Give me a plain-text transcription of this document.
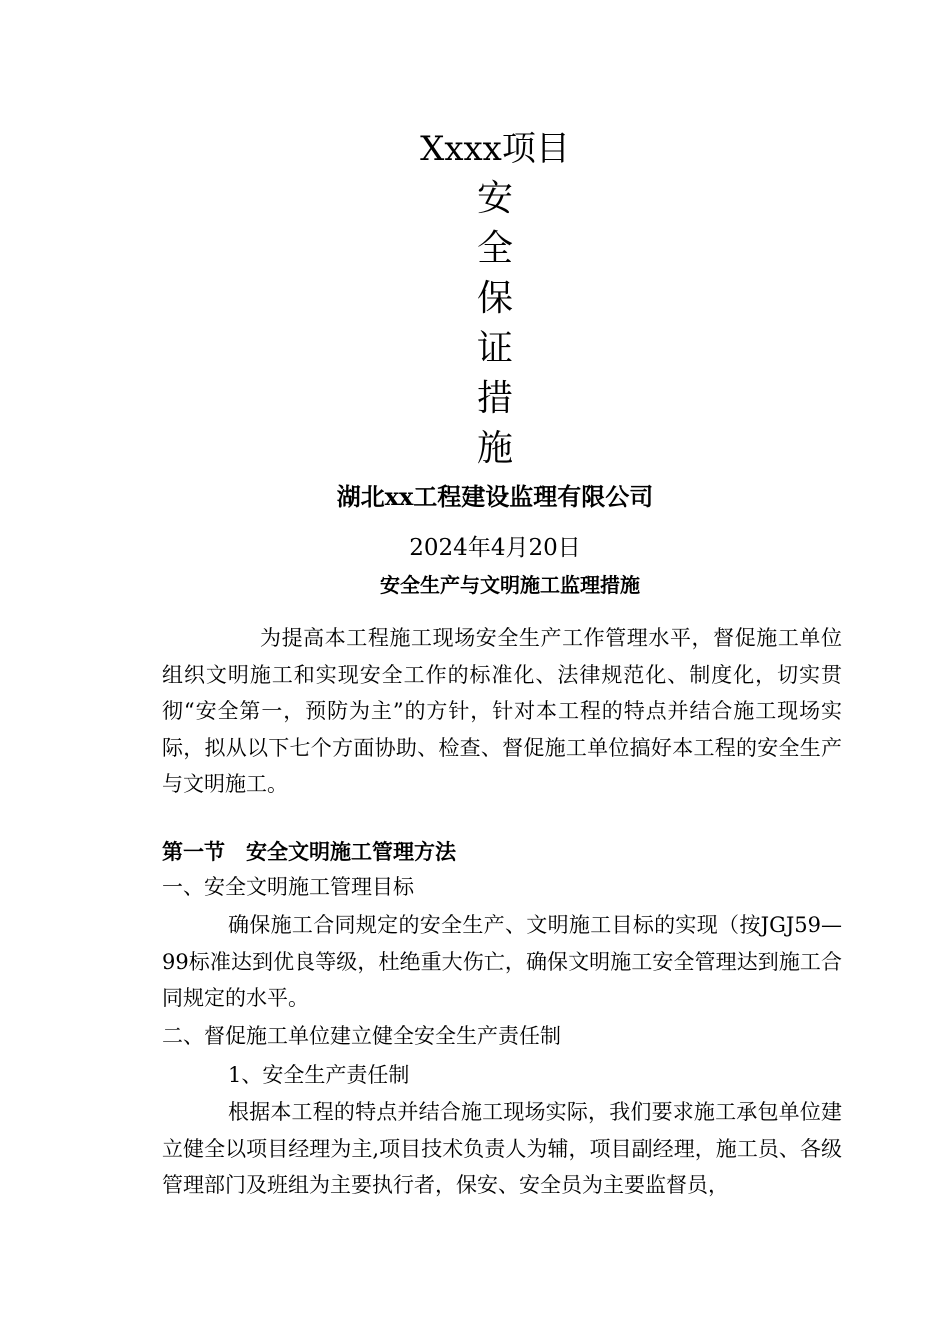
Xxxx项目
安
全
保
证
措
施
湖北xx工程建设监理有限公司
2024年4月20日
安全生产与文明施工监理措施
为提高本工程施工现场安全生产工作管理水平，督促施工单位组织文明施工和实现安全工作的标准化、法律规范化、制度化，切实贯彻“安全第一，预防为主”的方针，针对本工程的特点并结合施工现场实际，拟从以下七个方面协助、检查、督促施工单位搞好本工程的安全生产与文明施工。
第一节　安全文明施工管理方法
一、安全文明施工管理目标
确保施工合同规定的安全生产、文明施工目标的实现（按JGJ59—99标准达到优良等级，杜绝重大伤亡，确保文明施工安全管理达到施工合同规定的水平。
二、督促施工单位建立健全安全生产责任制
1、安全生产责任制
根据本工程的特点并结合施工现场实际，我们要求施工承包单位建立健全以项目经理为主,项目技术负责人为辅，项目副经理，施工员、各级管理部门及班组为主要执行者，保安、安全员为主要监督员，
